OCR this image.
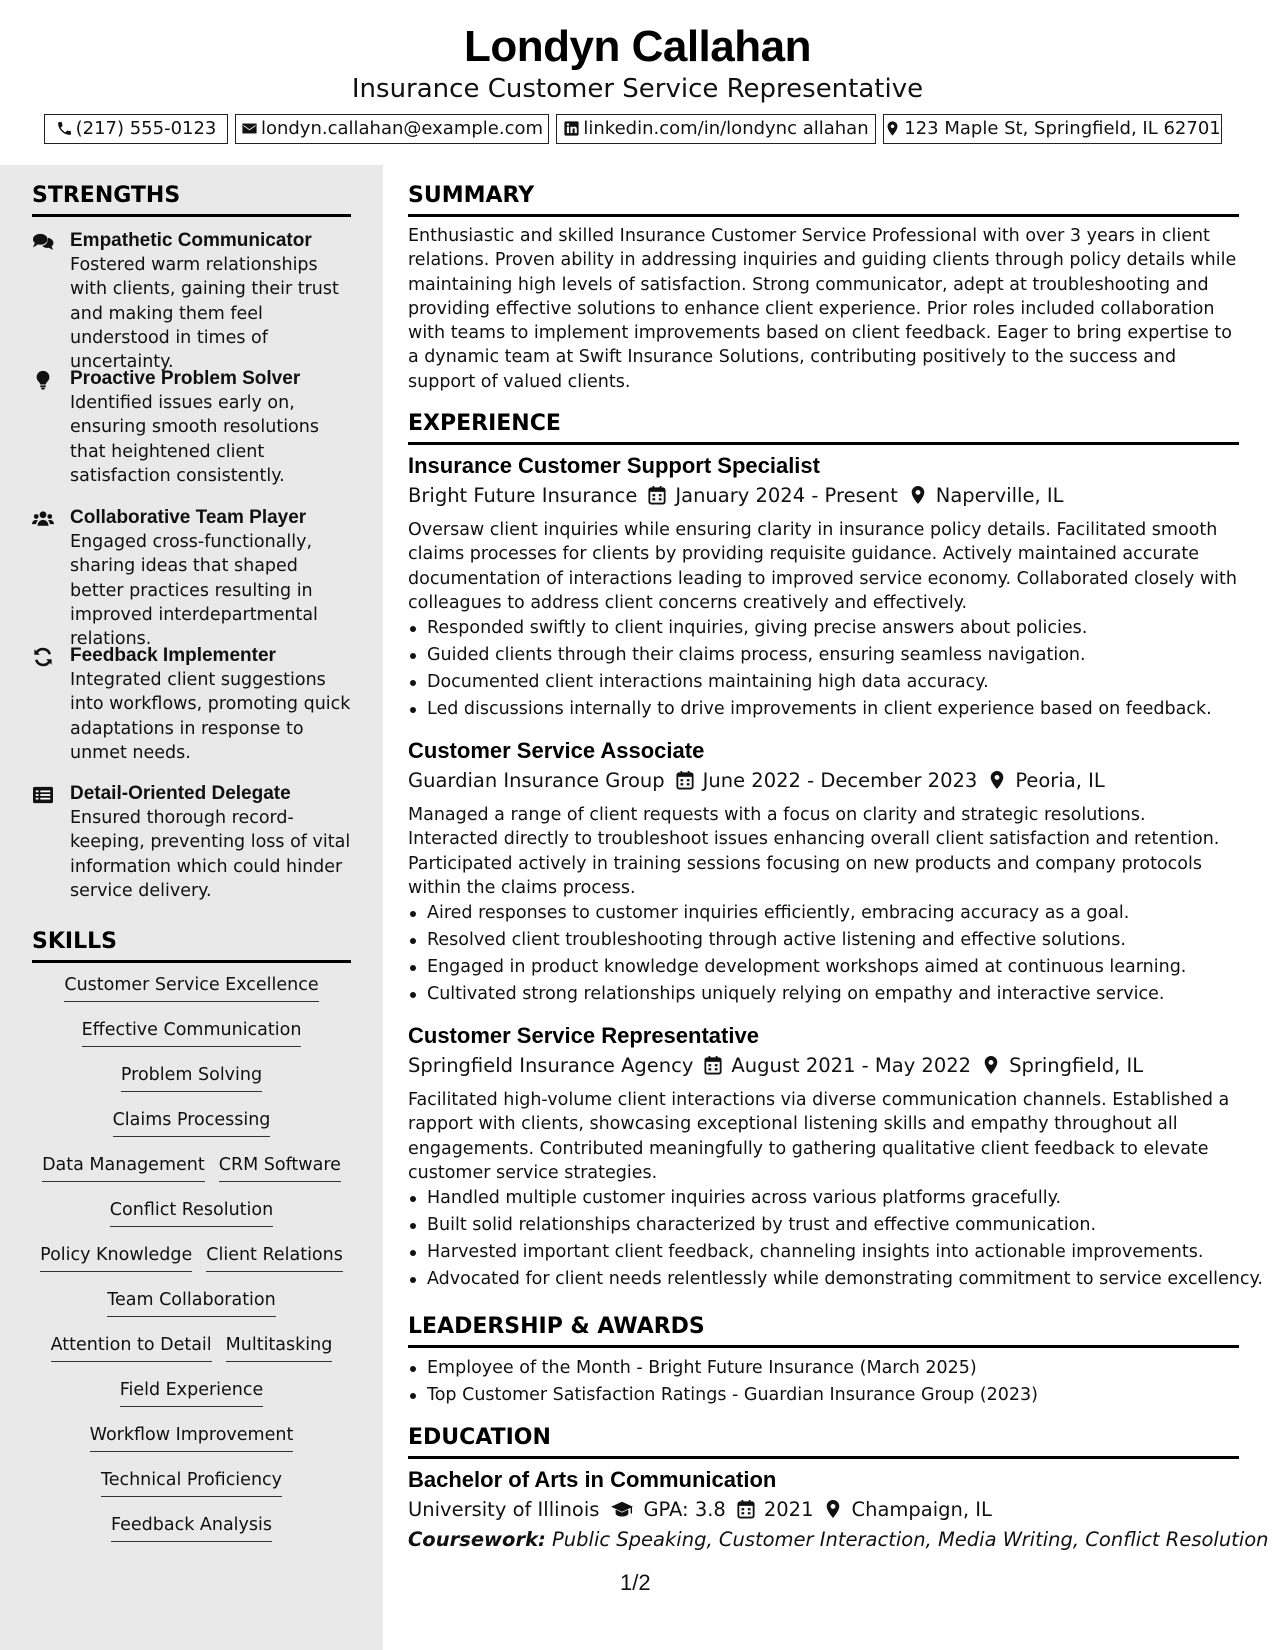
Londyn Callahan
Insurance Customer Service Representative
(217) 555-0123	londyn.callahan@example.com	linkedin.com/in/londync allahan	123 Maple St, Springfield, IL 62701
STRENGTHS
Empathetic Communicator
Fostered warm relationships with clients, gaining their trust and making them feel understood in times of uncertainty.
Proactive Problem Solver
Identified issues early on, ensuring smooth resolutions that heightened client satisfaction consistently.
Collaborative Team Player
Engaged cross-functionally, sharing ideas that shaped better practices resulting in improved interdepartmental relations.
Feedback Implementer
Integrated client suggestions into workflows, promoting quick adaptations in response to unmet needs.
Detail-Oriented Delegate
Ensured thorough record-keeping, preventing loss of vital information which could hinder service delivery.
SKILLS
Customer Service Excellence
Effective Communication
Problem Solving
Claims Processing
Data Management CRM Software
Conflict Resolution
Policy Knowledge Client Relations
Team Collaboration
Attention to Detail Multitasking
Field Experience
Workflow Improvement
Technical Proficiency
Feedback Analysis
SUMMARY
Enthusiastic and skilled Insurance Customer Service Professional with over 3 years in client relations. Proven ability in addressing inquiries and guiding clients through policy details while maintaining high levels of satisfaction. Strong communicator, adept at troubleshooting and providing effective solutions to enhance client experience. Prior roles included collaboration with teams to implement improvements based on client feedback. Eager to bring expertise to a dynamic team at Swift Insurance Solutions, contributing positively to the success and support of valued clients.
EXPERIENCE
Insurance Customer Support Specialist
Bright Future Insurance January 2024 - Present Naperville, IL
Oversaw client inquiries while ensuring clarity in insurance policy details. Facilitated smooth claims processes for clients by providing requisite guidance. Actively maintained accurate documentation of interactions leading to improved service economy. Collaborated closely with colleagues to address client concerns creatively and effectively.
Responded swiftly to client inquiries, giving precise answers about policies.
Guided clients through their claims process, ensuring seamless navigation.
Documented client interactions maintaining high data accuracy.
Led discussions internally to drive improvements in client experience based on feedback.
Customer Service Associate
Guardian Insurance Group June 2022 - December 2023 Peoria, IL
Managed a range of client requests with a focus on clarity and strategic resolutions. Interacted directly to troubleshoot issues enhancing overall client satisfaction and retention. Participated actively in training sessions focusing on new products and company protocols within the claims process.
Aired responses to customer inquiries efficiently, embracing accuracy as a goal.
Resolved client troubleshooting through active listening and effective solutions.
Engaged in product knowledge development workshops aimed at continuous learning.
Cultivated strong relationships uniquely relying on empathy and interactive service.
Customer Service Representative
Springfield Insurance Agency August 2021 - May 2022 Springfield, IL
Facilitated high-volume client interactions via diverse communication channels. Established a rapport with clients, showcasing exceptional listening skills and empathy throughout all engagements. Contributed meaningfully to gathering qualitative client feedback to elevate customer service strategies.
Handled multiple customer inquiries across various platforms gracefully.
Built solid relationships characterized by trust and effective communication.
Harvested important client feedback, channeling insights into actionable improvements.
Advocated for client needs relentlessly while demonstrating commitment to service excellency.
LEADERSHIP & AWARDS
Employee of the Month - Bright Future Insurance (March 2025)
Top Customer Satisfaction Ratings - Guardian Insurance Group (2023)
EDUCATION
Bachelor of Arts in Communication
University of Illinois GPA: 3.8 2021 Champaign, IL
Coursework: Public Speaking, Customer Interaction, Media Writing, Conflict Resolution
1/2
